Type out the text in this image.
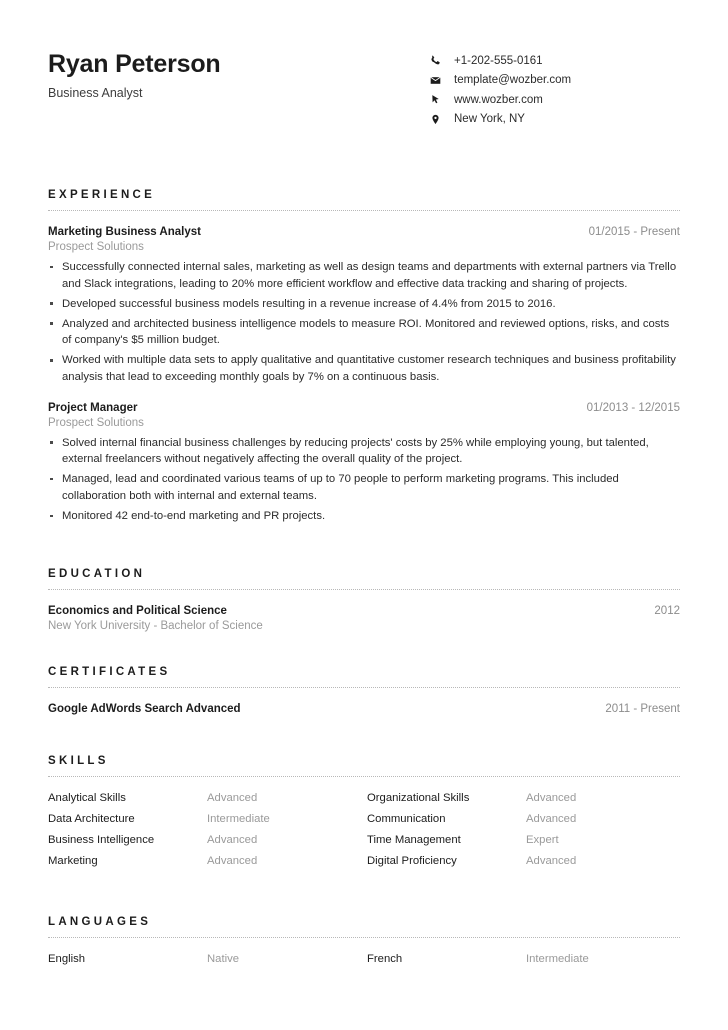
Ryan Peterson
Business Analyst
+1-202-555-0161
template@wozber.com
www.wozber.com
New York, NY
EXPERIENCE
Marketing Business Analyst	01/2015 - Present
Prospect Solutions
Successfully connected internal sales, marketing as well as design teams and departments with external partners via Trello and Slack integrations, leading to 20% more efficient workflow and effective data tracking and sharing of projects.
Developed successful business models resulting in a revenue increase of 4.4% from 2015 to 2016.
Analyzed and architected business intelligence models to measure ROI. Monitored and reviewed options, risks, and costs of company's $5 million budget.
Worked with multiple data sets to apply qualitative and quantitative customer research techniques and business profitability analysis that lead to exceeding monthly goals by 7% on a continuous basis.
Project Manager	01/2013 - 12/2015
Prospect Solutions
Solved internal financial business challenges by reducing projects' costs by 25% while employing young, but talented, external freelancers without negatively affecting the overall quality of the project.
Managed, lead and coordinated various teams of up to 70 people to perform marketing programs. This included collaboration both with internal and external teams.
Monitored 42 end-to-end marketing and PR projects.
EDUCATION
Economics and Political Science	2012
New York University - Bachelor of Science
CERTIFICATES
Google AdWords Search Advanced	2011 - Present
SKILLS
Analytical Skills	Advanced	Organizational Skills	Advanced
Data Architecture	Intermediate	Communication	Advanced
Business Intelligence	Advanced	Time Management	Expert
Marketing	Advanced	Digital Proficiency	Advanced
LANGUAGES
English	Native	French	Intermediate
